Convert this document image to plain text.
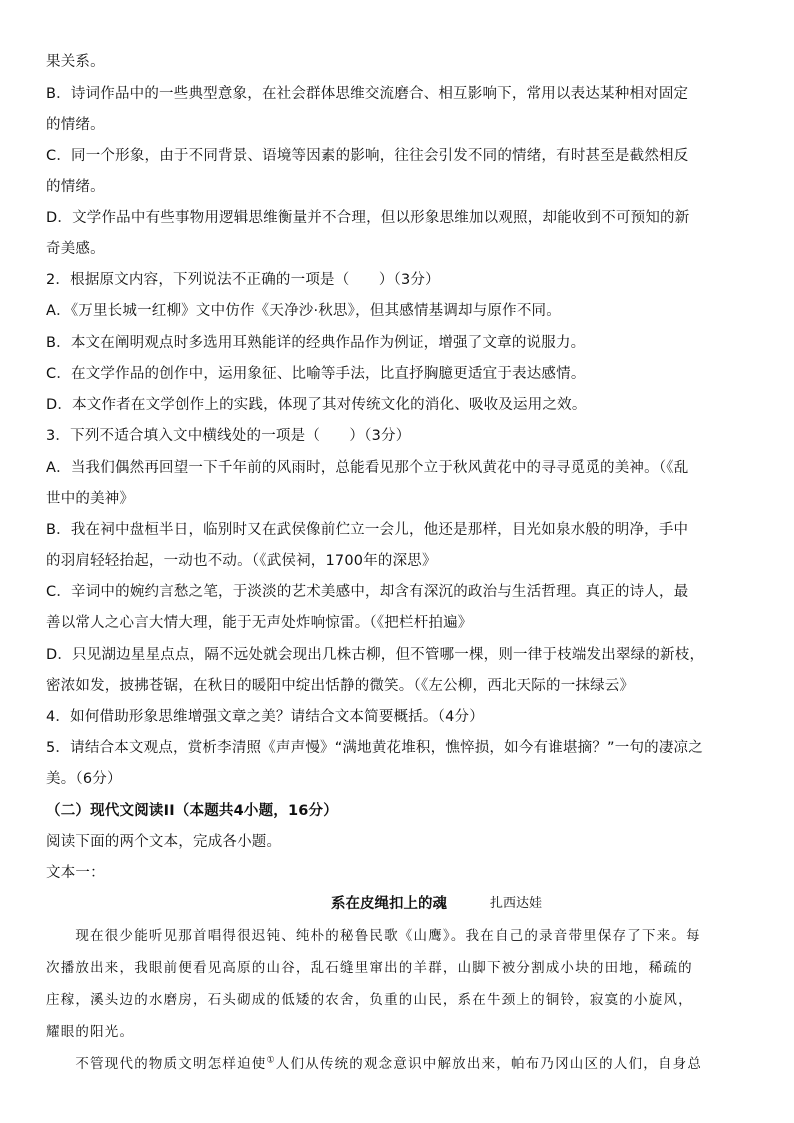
果关系。
B．诗词作品中的一些典型意象，在社会群体思维交流磨合、相互影响下，常用以表达某种相对固定
的情绪。
C．同一个形象，由于不同背景、语境等因素的影响，往往会引发不同的情绪，有时甚至是截然相反
的情绪。
D．文学作品中有些事物用逻辑思维衡量并不合理，但以形象思维加以观照，却能收到不可预知的新
奇美感。
2．根据原文内容，下列说法不正确的一项是（　　）（3分）
A．《万里长城一红柳》文中仿作《天净沙·秋思》，但其感情基调却与原作不同。
B．本文在阐明观点时多选用耳熟能详的经典作品作为例证，增强了文章的说服力。
C．在文学作品的创作中，运用象征、比喻等手法，比直抒胸臆更适宜于表达感情。
D．本文作者在文学创作上的实践，体现了其对传统文化的消化、吸收及运用之效。
3．下列不适合填入文中横线处的一项是（　　）（3分）
A．当我们偶然再回望一下千年前的风雨时，总能看见那个立于秋风黄花中的寻寻觅觅的美神。（《乱
世中的美神》
B．我在祠中盘桓半日，临别时又在武侯像前伫立一会儿，他还是那样，目光如泉水般的明净，手中
的羽肩轻轻抬起，一动也不动。（《武侯祠，1700年的深思》
C．辛词中的婉约言愁之笔，于淡淡的艺术美感中，却含有深沉的政治与生活哲理。真正的诗人，最
善以常人之心言大情大理，能于无声处炸响惊雷。（《把栏杆拍遍》
D．只见湖边星星点点，隔不远处就会现出几株古柳，但不管哪一棵，则一律于枝端发出翠绿的新枝，
密浓如发，披拂苍锯，在秋日的暖阳中绽出恬静的微笑。（《左公柳，西北天际的一抹绿云》
4．如何借助形象思维增强文章之美？请结合文本简要概括。（4分）
5．请结合本文观点，赏析李清照《声声慢》“满地黄花堆积，憔悴损，如今有谁堪摘？”一句的凄凉之
美。（6分）
（二）现代文阅读II（本题共4小题，16分）
阅读下面的两个文本，完成各小题。
文本一：
系在皮绳扣上的魂	扎西达娃
　　现在很少能听见那首唱得很迟钝、纯朴的秘鲁民歌《山鹰》。我在自己的录音带里保存了下来。每
次播放出来，我眼前便看见高原的山谷，乱石缝里窜出的羊群，山脚下被分割成小块的田地，稀疏的
庄稼，溪头边的水磨房，石头砌成的低矮的农舍，负重的山民，系在牛颈上的铜铃，寂寞的小旋风，
耀眼的阳光。
　　不管现代的物质文明怎样迫使①人们从传统的观念意识中解放出来，帕布乃冈山区的人们，自身总
